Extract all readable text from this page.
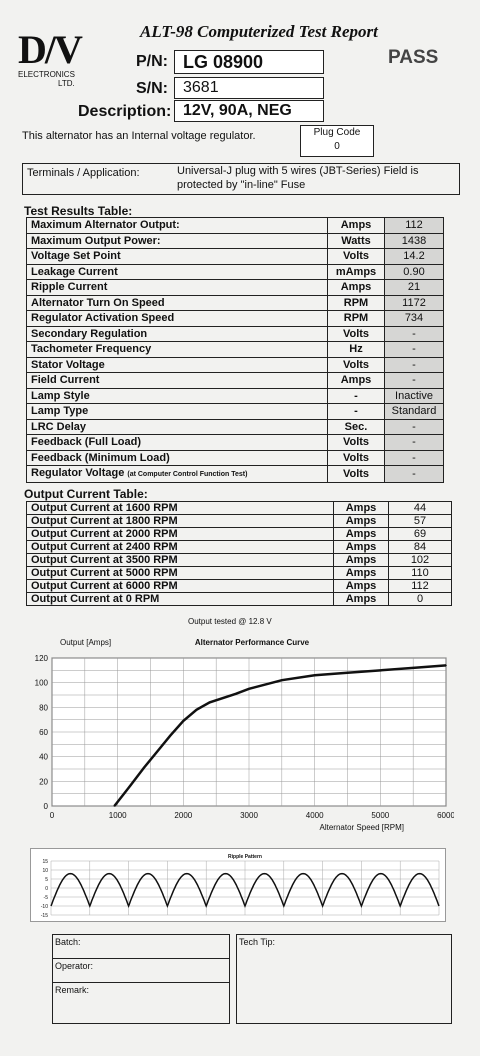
D/V
ELECTRONICS
LTD.
ALT-98 Computerized Test Report
PASS
P/N: LG 08900
S/N: 3681
Description: 12V, 90A, NEG
This alternator has an Internal voltage regulator.	Plug Code
0
Terminals / Application:	Universal-J plug with 5 wires (JBT-Series) Field is
protected by "in-line" Fuse
Test Results Table:
Maximum Alternator Output:	Amps	112
Maximum Output Power:	Watts	1438
Voltage Set Point	Volts	14.2
Leakage Current	mAmps	0.90
Ripple Current	Amps	21
Alternator Turn On Speed	RPM	1172
Regulator Activation Speed	RPM	734
Secondary Regulation	Volts	-
Tachometer Frequency	Hz	-
Stator Voltage	Volts	-
Field Current	Amps	-
Lamp Style	-	Inactive
Lamp Type	-	Standard
LRC Delay	Sec.	-
Feedback (Full Load)	Volts	-
Feedback (Minimum Load)	Volts	-
Regulator Voltage (at Computer Control Function Test)	Volts	-
Output Current Table:
Output Current at 1600 RPM	Amps	44
Output Current at 1800 RPM	Amps	57
Output Current at 2000 RPM	Amps	69
Output Current at 2400 RPM	Amps	84
Output Current at 3500 RPM	Amps	102
Output Current at 5000 RPM	Amps	110
Output Current at 6000 RPM	Amps	112
Output Current at 0 RPM	Amps	0
Output tested @ 12.8 V
0
20
40
60
80
100
120
0	1000	2000	3000	4000	5000	6000
Output [Amps]	Alternator Performance Curve
Alternator Speed [RPM]
-15
-10
-5
0
5
10
15
Ripple Pattern
Batch:
Operator:
Remark:
Tech Tip:
